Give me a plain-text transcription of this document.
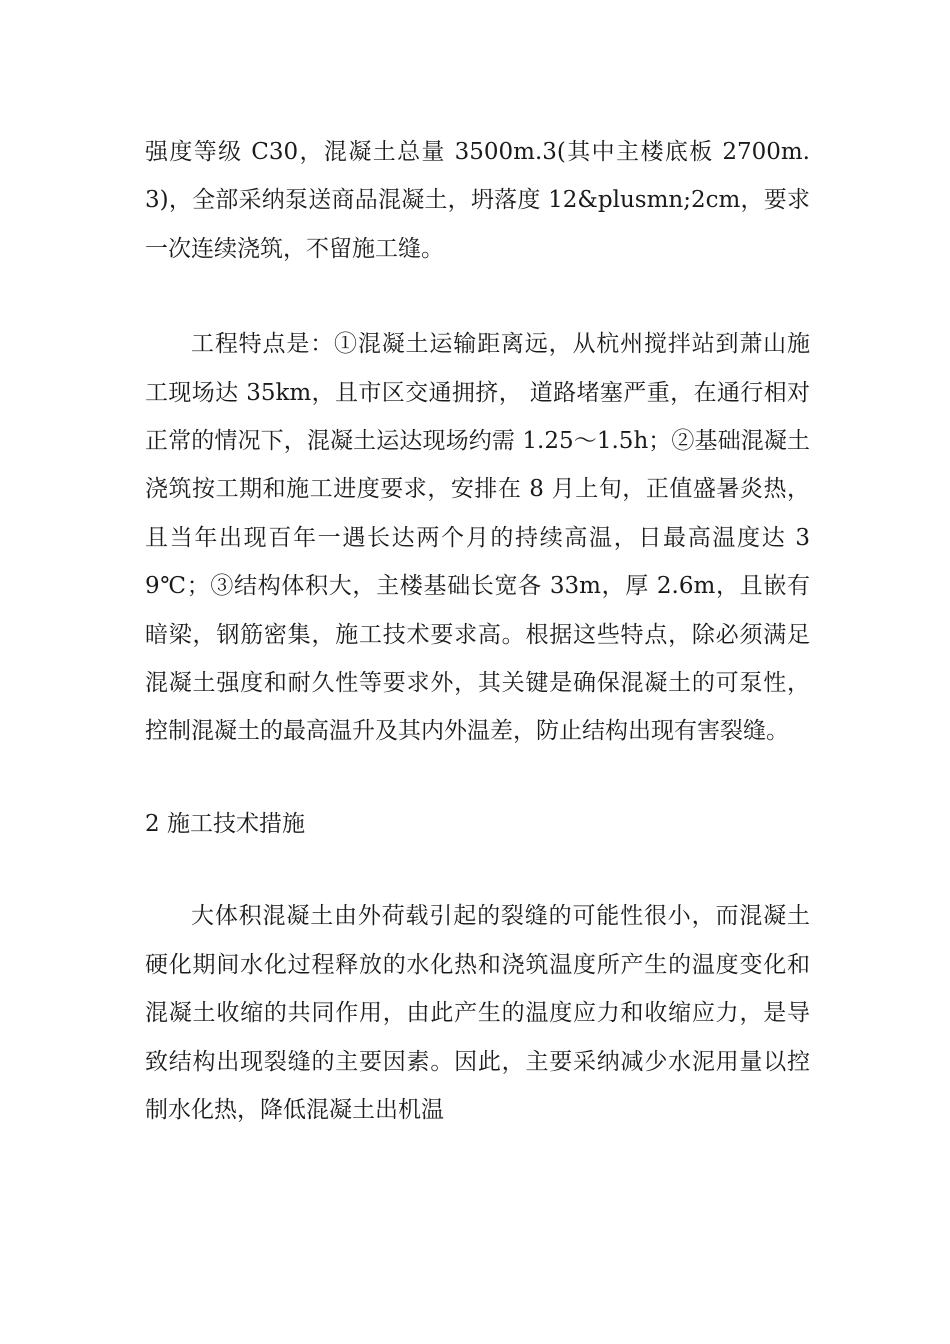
强度等级 C30，混凝土总量 3500m.3(其中主楼底板 2700m.3)，全部采纳泵送商品混凝土，坍落度 12&plusmn;2cm，要求一次连续浇筑，不留施工缝。

工程特点是：①混凝土运输距离远，从杭州搅拌站到萧山施工现场达 35km，且市区交通拥挤， 道路堵塞严重，在通行相对正常的情况下，混凝土运达现场约需 1.25～1.5h；②基础混凝土浇筑按工期和施工进度要求，安排在 8 月上旬，正值盛暑炎热，且当年出现百年一遇长达两个月的持续高温，日最高温度达 39℃；③结构体积大，主楼基础长宽各 33m，厚 2.6m，且嵌有暗梁，钢筋密集，施工技术要求高。根据这些特点，除必须满足混凝土强度和耐久性等要求外，其关键是确保混凝土的可泵性，控制混凝土的最高温升及其内外温差，防止结构出现有害裂缝。

2 施工技术措施

大体积混凝土由外荷载引起的裂缝的可能性很小，而混凝土硬化期间水化过程释放的水化热和浇筑温度所产生的温度变化和混凝土收缩的共同作用，由此产生的温度应力和收缩应力，是导致结构出现裂缝的主要因素。因此，主要采纳减少水泥用量以控制水化热，降低混凝土出机温
